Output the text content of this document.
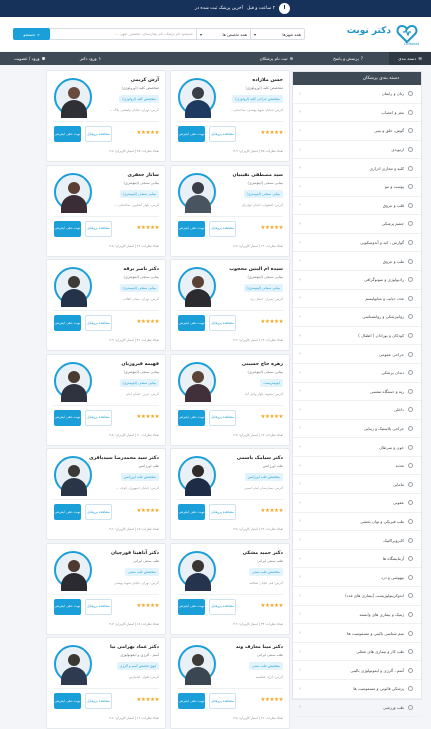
۳ ساعت و قبل
آخرین پزشک ثبت شده در
دکتر نوبت
DrNobat
همه شهرها
▾
همه تخصص ها
▾
جستجو: نام پزشک، نام بیمارستان، تخصص، شهر، ...
⌕
جستجو
☰
دسته بندی
?
پرسش و پاسخ
⊕
ثبت نام پزشکان
⚕
ورود دکتر
⚉
ورود / عضویت
دسته بندی پزشکان
زنان و زایمان
‹
مغز و اعصاب
‹
گوش، حلق و بینی
‹
ارتوپدی
‹
کلیه و مجاری ادراری
‹
پوست و مو
‹
قلب و عروق
‹
چشم پزشکی
‹
گوارش ، کبد و آندوسکوپی
‹
طب و عروق
‹
رادیولوژی و سونوگرافی
‹
غدد، دیابت و متابولیسم
‹
روانپزشکی و روانشناسی
‹
کودکان و نوزادان ( اطفال )
‹
جراحی عمومی
‹
دندان پزشکی
‹
ریه و دستگاه تنفسی
‹
داخلی
‹
جراحی پلاستیک و زیبایی
‹
خون و سرطان
‹
تغذیه
‹
مامایی
‹
عفونی
‹
طب فیزیکی و توان بخشی
‹
کایروپراکتیک
‹
آزمایشگاه ها
‹
بیهوشی و درد
‹
اندوکرینولوژیست (بیماری های غدد)
‹
ژنتیک و بیماری های وابسته
‹
سم شناسی بالینی و مسمومیت ها
‹
طب کار و بیماری های شغلی
‹
آسم ، آلرژی و ایمونولوژی بالینی
‹
پزشکی قانونی و مسمومیت ها
‹
طب ورزشی
‹
حسن ملازاده
متخصص کلیه (اورولوژی)
متخصص جراحی کلیه (ارولوژی)
آدرس: خیابان شهید بهشتی، ساختمان...
نوبت دهی اینترنتی	مشاهده پروفایل	★★★★★
تعداد نظرات: ۳۵ | امتیاز کاربران: ۴.۹
آرش کریمی
متخصص کلیه (اورولوژی)
متخصص کلیه (ارولوژی)
آدرس: تهران، خیابان ولیعصر، پلاک ...
نوبت دهی اینترنتی	مشاهده پروفایل	★★★★★
تعداد نظرات: ۲۸ | امتیاز کاربران: ۴.۸
سید مصطفی نقیبیان
بینایی سنجی (اپتومتری)
بینایی سنجی (اپتومتری)
آدرس: اصفهان، خیابان چهارباغ
نوبت دهی اینترنتی	مشاهده پروفایل	★★★★★
تعداد نظرات: ۱۹ | امتیاز کاربران: ۴.۷
ساناز جعفری
بینایی سنجی (اپتومتری)
بینایی سنجی (اپتومتری)
آدرس: بلوار کشاورز، ساختمان ...
نوبت دهی اینترنتی	مشاهده پروفایل	★★★★★
تعداد نظرات: ۲۲ | امتیاز کاربران: ۴.۸
سیده ام البنین محجوب
بینایی سنجی (اپتومتری)
بینایی سنجی (اپتومتری)
آدرس: شیراز، خیابان زند
نوبت دهی اینترنتی	مشاهده پروفایل	★★★★★
تعداد نظرات: ۱۴ | امتیاز کاربران: ۴.۶
دکتر ناصر برقه
بینایی سنجی (اپتومتری)
بینایی سنجی (اپتومتری)
آدرس: تهران، میدان انقلاب
نوبت دهی اینترنتی	مشاهده پروفایل	★★★★★
تعداد نظرات: ۳۱ | امتیاز کاربران: ۴.۹
زهره حاج حسینی
بینایی سنجی (اپتومتری)
اپتومتریست
آدرس: مشهد، بلوار وکیل آباد
نوبت دهی اینترنتی	مشاهده پروفایل	★★★★★
تعداد نظرات: ۱۷ | امتیاز کاربران: ۴.۷
فهیمه فیروزیان
بینایی سنجی (اپتومتری)
بینایی سنجی (اپتومتری)
آدرس: تبریز، خیابان امام
نوبت دهی اینترنتی	مشاهده پروفایل	★★★★★
تعداد نظرات: ۲۰ | امتیاز کاربران: ۴.۸
دکتر سیامک یاسمی
طب اورژانس
متخصص طب اورژانس
آدرس: بیمارستان امام خمینی
نوبت دهی اینترنتی	مشاهده پروفایل	★★★★★
تعداد نظرات: ۲۶ | امتیاز کاربران: ۴.۸
دکتر سید محمدرضا سیدباقری
طب اورژانس
متخصص طب اورژانس
آدرس: خیابان جمهوری، کوچه ...
نوبت دهی اینترنتی	مشاهده پروفایل	★★★★★
تعداد نظرات: ۱۵ | امتیاز کاربران: ۴.۶
دکتر حمید مشکی
طب سنتی ایرانی
متخصص طب سنتی
آدرس: قم، خیابان صفائیه
نوبت دهی اینترنتی	مشاهده پروفایل	★★★★★
تعداد نظرات: ۳۴ | امتیاز کاربران: ۴.۹
دکتر آناهیتا قورچیان
طب سنتی ایرانی
متخصص طب سنتی
آدرس: تهران، خیابان شهید بهشتی
نوبت دهی اینترنتی	مشاهده پروفایل	★★★★★
تعداد نظرات: ۱۸ | امتیاز کاربران: ۴.۷
دکتر مینا معارف وند
طب سنتی ایرانی
متخصص طب سنتی
آدرس: کرج، عظیمیه
نوبت دهی اینترنتی	مشاهده پروفایل	★★★★★
تعداد نظرات: ۲۱ | امتیاز کاربران: ۴.۸
دکتر عماد بهرامی نیا
آسم ، آلرژی و ایمونولوژی
فوق تخصص آسم و آلرژی
آدرس: اهواز، کیانپارس
نوبت دهی اینترنتی	مشاهده پروفایل	★★★★★
تعداد نظرات: ۱۲ | امتیاز کاربران: ۴.۶
